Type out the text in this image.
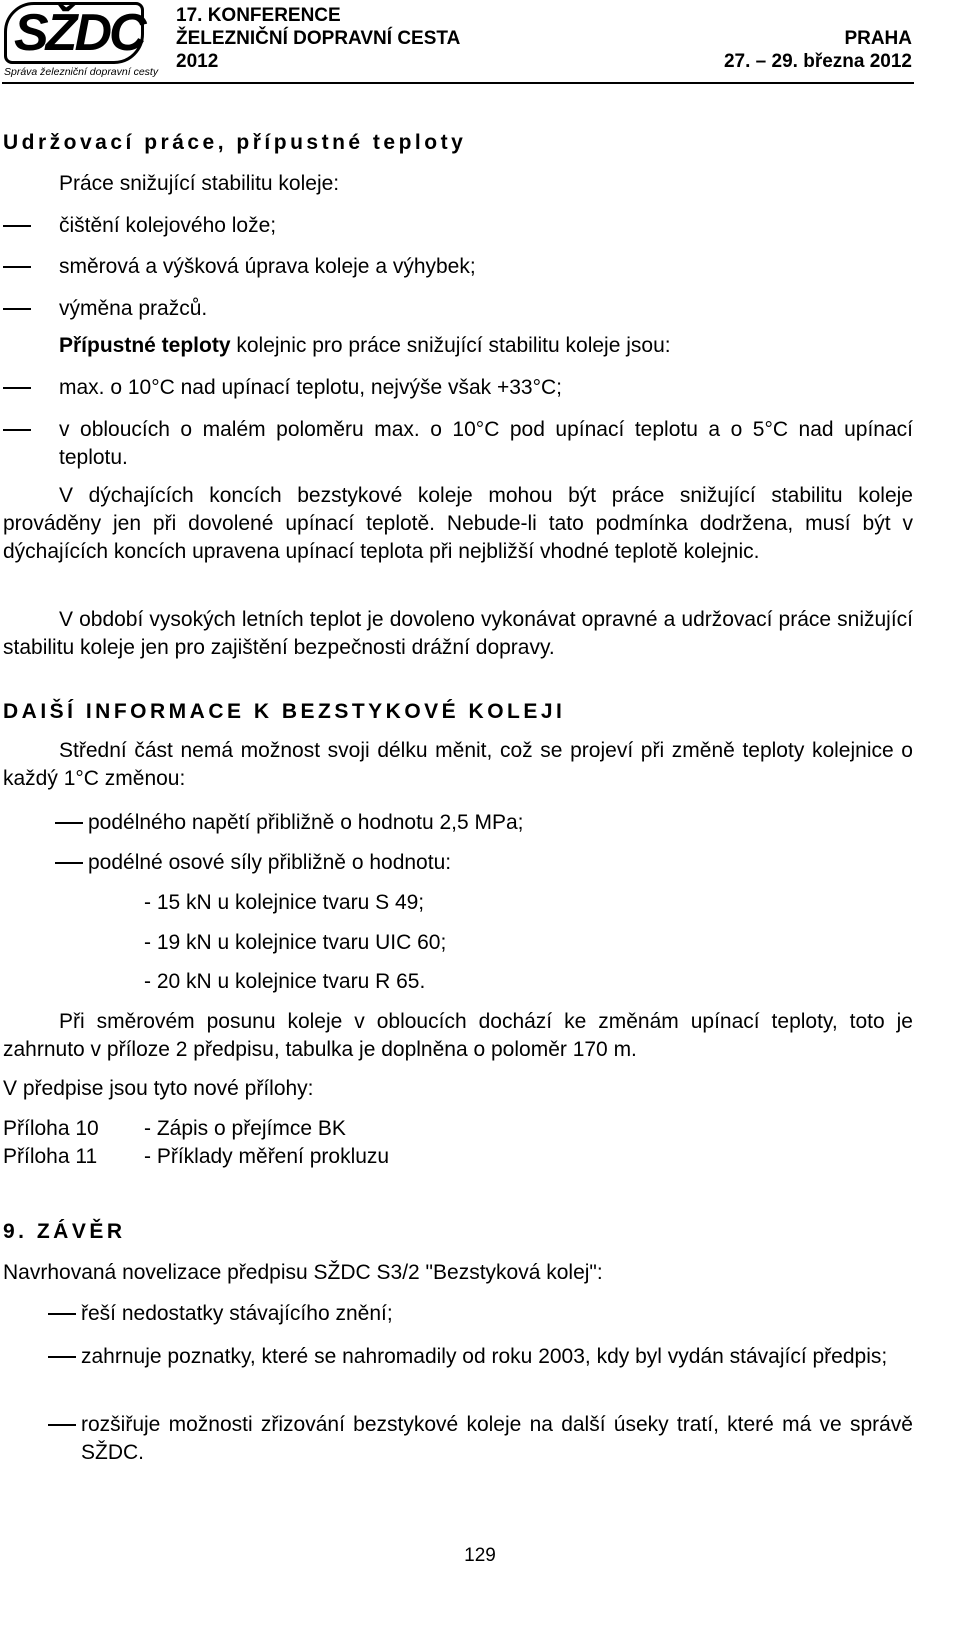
SŽDC
Správa železniční dopravní cesty
17. KONFERENCE
ŽELEZNIČNÍ DOPRAVNÍ CESTA
2012
PRAHA
27. – 29. března 2012

Udržovací práce, přípustné teploty

Práce snižující stabilitu koleje:

čištění kolejového lože;

směrová a výšková úprava koleje a výhybek;

výměna pražců.

Přípustné teploty kolejnic pro práce snižující stabilitu koleje jsou:

max. o 10°C nad upínací teplotu, nejvýše však +33°C;

v obloucích o malém poloměru max. o 10°C pod upínací teplotu a o 5°C nad upínací teplotu.

V dýchajících koncích bezstykové koleje mohou být práce snižující stabilitu koleje prováděny jen při dovolené upínací teplotě. Nebude-li tato podmínka dodržena, musí být v dýchajících koncích upravena upínací teplota při nejbližší vhodné teplotě kolejnic.

V období vysokých letních teplot je dovoleno vykonávat opravné a udržovací práce snižující stabilitu koleje jen pro zajištění bezpečnosti drážní dopravy.

DAIŠÍ INFORMACE K BEZSTYKOVÉ KOLEJI

Střední část nemá možnost svoji délku měnit, což se projeví při změně teploty kolejnice o každý 1°C změnou:

podélného napětí přibližně o hodnotu 2,5 MPa;

podélné osové síly přibližně o hodnotu:

- 15 kN u kolejnice tvaru S 49;

- 19 kN u kolejnice tvaru UIC 60;

- 20 kN u kolejnice tvaru R 65.

Při směrovém posunu koleje v obloucích dochází ke změnám upínací teploty, toto je zahrnuto v příloze 2 předpisu, tabulka je doplněna o poloměr 170 m.

V předpise jsou tyto nové přílohy:

Příloha 10 - Zápis o přejímce BK

Příloha 11 - Příklady měření prokluzu

9. ZÁVĚR

Navrhovaná novelizace předpisu SŽDC S3/2 "Bezstyková kolej":

řeší nedostatky stávajícího znění;

zahrnuje poznatky, které se nahromadily od roku 2003, kdy byl vydán stávající předpis;

rozšiřuje možnosti zřizování bezstykové koleje na další úseky tratí, které má ve správě SŽDC.

129
